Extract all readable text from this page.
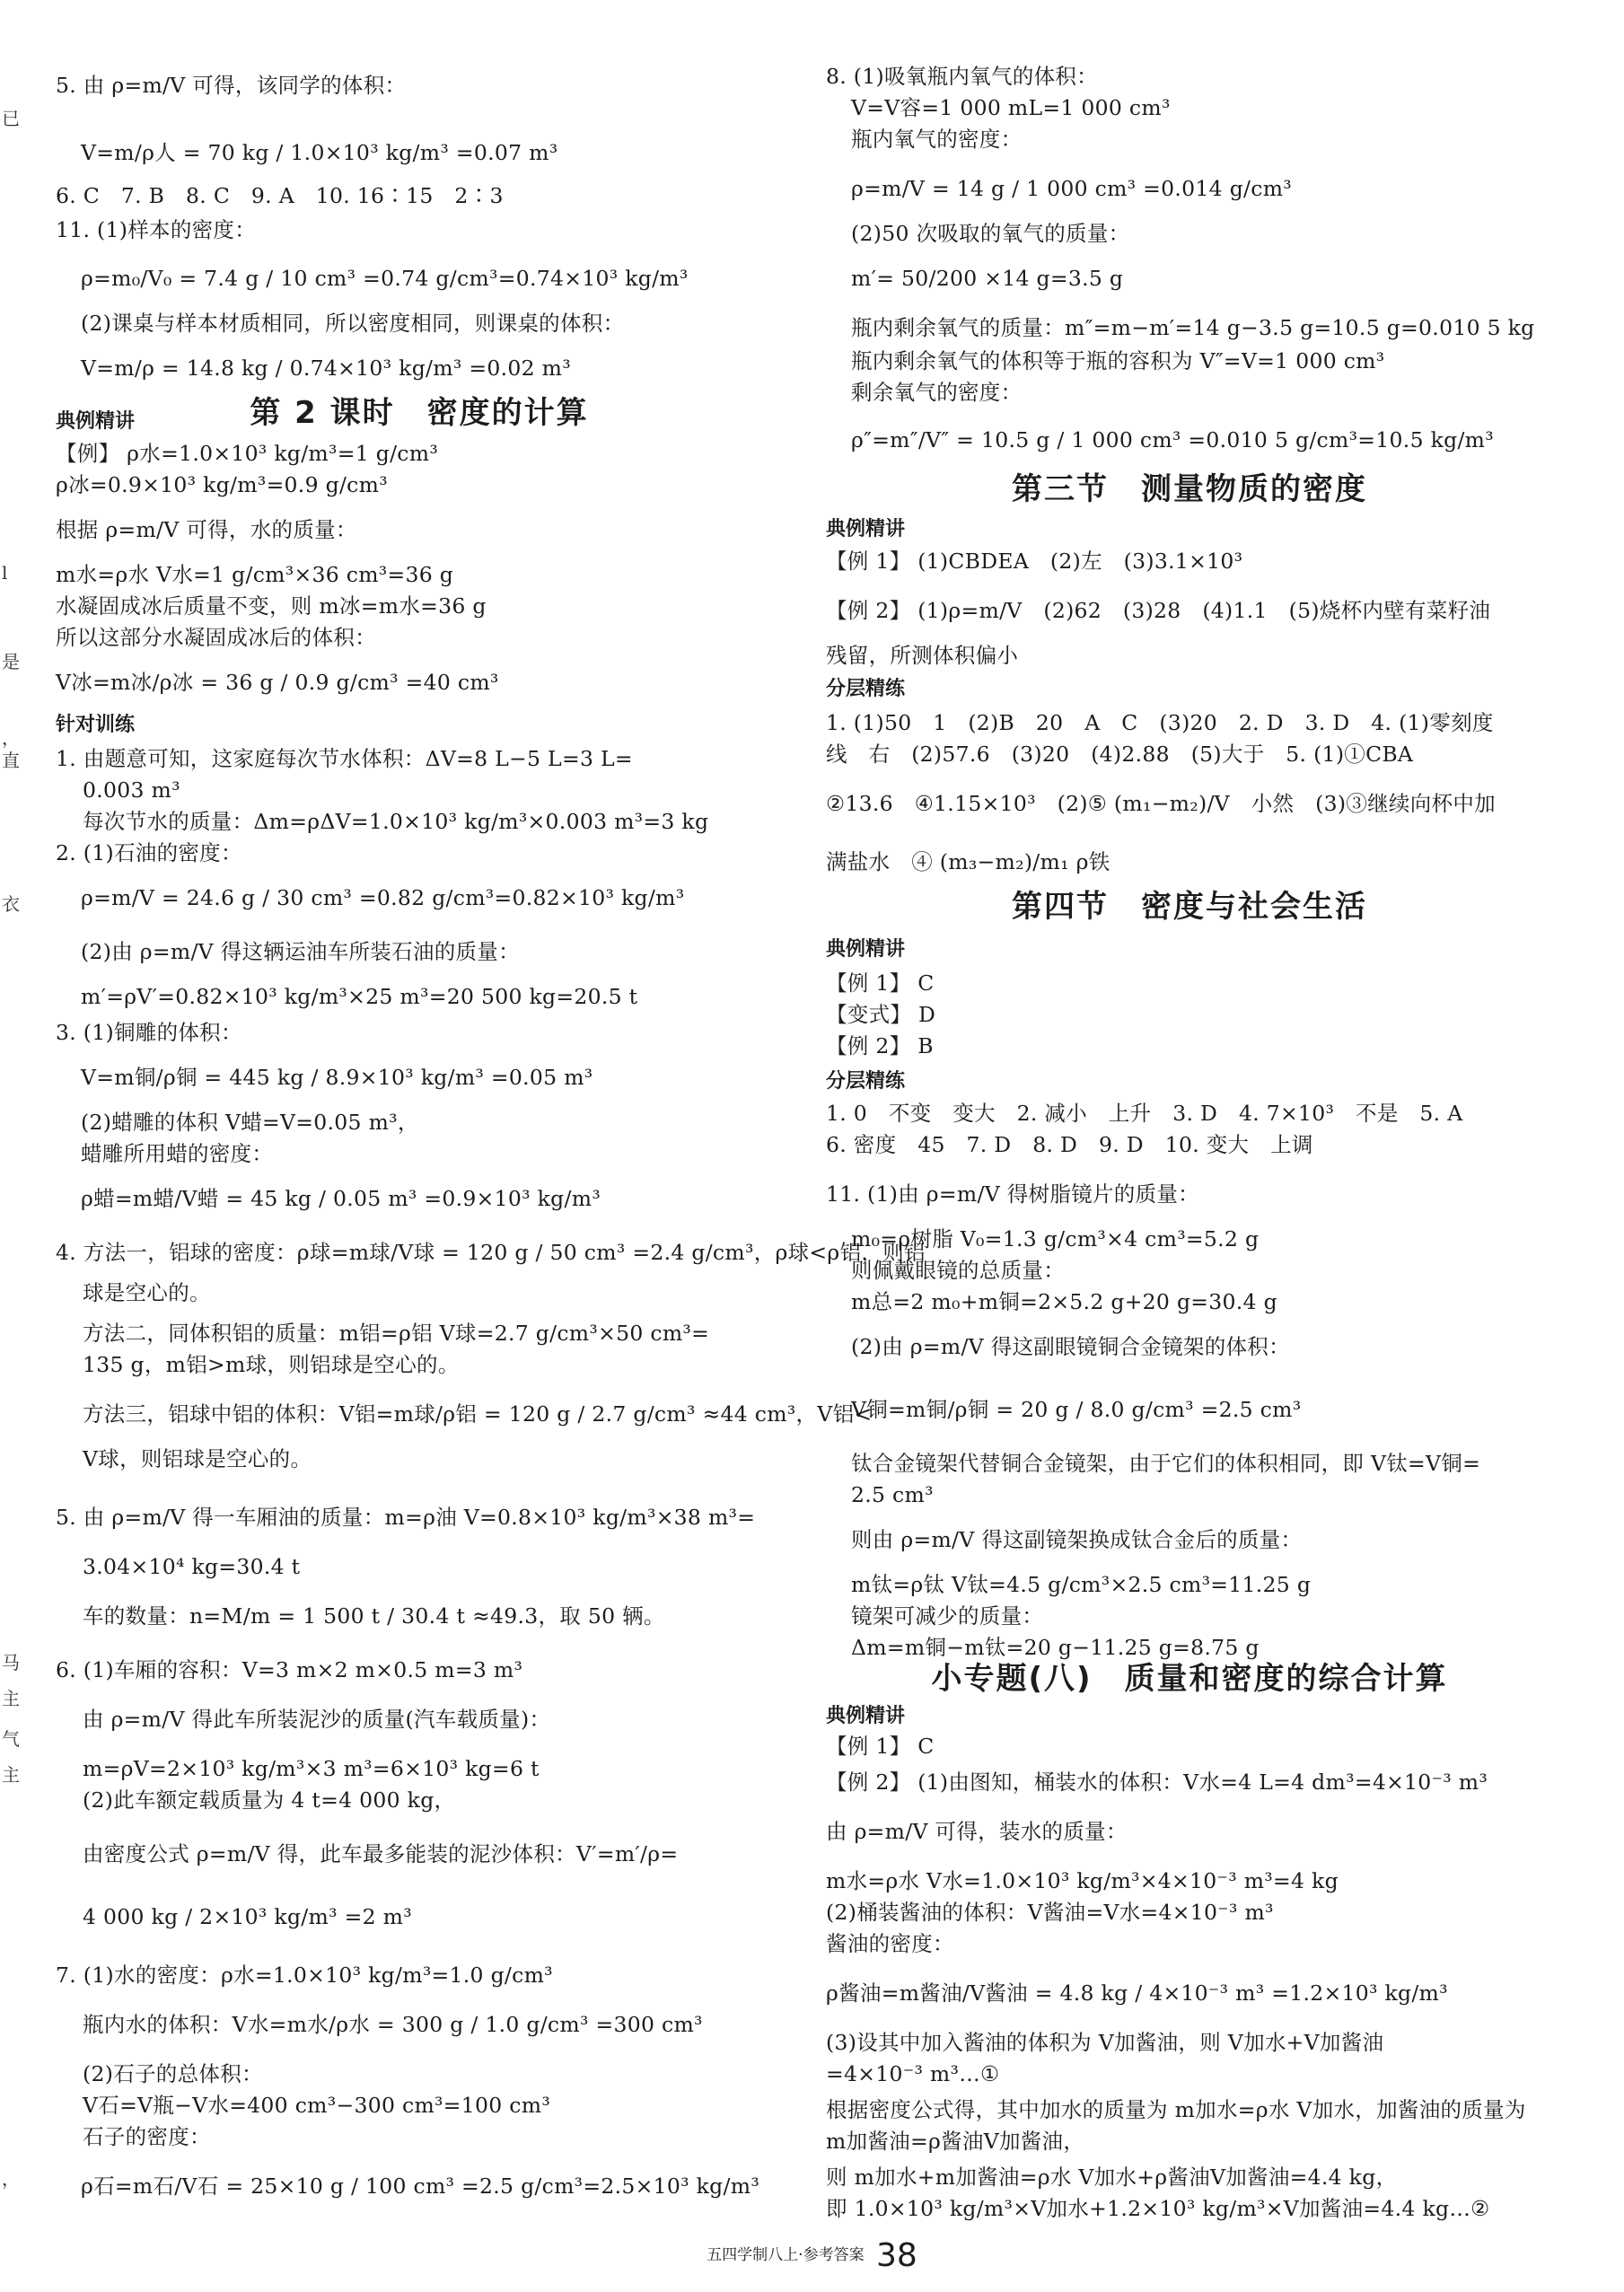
第 2 课时　密度的计算
典例精讲
针对训练
5. 由 ρ=m/V 可得，该同学的体积：
V=m/ρ人 = 70 kg / 1.0×10³ kg/m³ =0.07 m³
6. C　7. B　8. C　9. A　10. 16∶15　2∶3
11. (1)样本的密度：
ρ=m₀/V₀ = 7.4 g / 10 cm³ =0.74 g/cm³=0.74×10³ kg/m³
(2)课桌与样本材质相同，所以密度相同，则课桌的体积：
V=m/ρ = 14.8 kg / 0.74×10³ kg/m³ =0.02 m³
【例】 ρ水=1.0×10³ kg/m³=1 g/cm³
ρ冰=0.9×10³ kg/m³=0.9 g/cm³
根据 ρ=m/V 可得，水的质量：
m水=ρ水 V水=1 g/cm³×36 cm³=36 g
水凝固成冰后质量不变，则 m冰=m水=36 g
所以这部分水凝固成冰后的体积：
V冰=m冰/ρ冰 = 36 g / 0.9 g/cm³ =40 cm³
1. 由题意可知，这家庭每次节水体积：ΔV=8 L−5 L=3 L=
0.003 m³
每次节水的质量：Δm=ρΔV=1.0×10³ kg/m³×0.003 m³=3 kg
2. (1)石油的密度：
ρ=m/V = 24.6 g / 30 cm³ =0.82 g/cm³=0.82×10³ kg/m³
(2)由 ρ=m/V 得这辆运油车所装石油的质量：
m′=ρV′=0.82×10³ kg/m³×25 m³=20 500 kg=20.5 t
3. (1)铜雕的体积：
V=m铜/ρ铜 = 445 kg / 8.9×10³ kg/m³ =0.05 m³
(2)蜡雕的体积 V蜡=V=0.05 m³，
蜡雕所用蜡的密度：
ρ蜡=m蜡/V蜡 = 45 kg / 0.05 m³ =0.9×10³ kg/m³
4. 方法一，铝球的密度：ρ球=m球/V球 = 120 g / 50 cm³ =2.4 g/cm³，ρ球<ρ铝，则铝
球是空心的。
方法二，同体积铝的质量：m铝=ρ铝 V球=2.7 g/cm³×50 cm³=
135 g，m铝>m球，则铝球是空心的。
方法三，铝球中铝的体积：V铝=m球/ρ铝 = 120 g / 2.7 g/cm³ ≈44 cm³，V铝<
V球，则铝球是空心的。
5. 由 ρ=m/V 得一车厢油的质量：m=ρ油 V=0.8×10³ kg/m³×38 m³=
3.04×10⁴ kg=30.4 t
车的数量：n=M/m = 1 500 t / 30.4 t ≈49.3，取 50 辆。
6. (1)车厢的容积：V=3 m×2 m×0.5 m=3 m³
由 ρ=m/V 得此车所装泥沙的质量(汽车载质量)：
m=ρV=2×10³ kg/m³×3 m³=6×10³ kg=6 t
(2)此车额定载质量为 4 t=4 000 kg，
由密度公式 ρ=m/V 得，此车最多能装的泥沙体积：V′=m′/ρ=
4 000 kg / 2×10³ kg/m³ =2 m³
7. (1)水的密度：ρ水=1.0×10³ kg/m³=1.0 g/cm³
瓶内水的体积：V水=m水/ρ水 = 300 g / 1.0 g/cm³ =300 cm³
(2)石子的总体积：
V石=V瓶−V水=400 cm³−300 cm³=100 cm³
石子的密度：
ρ石=m石/V石 = 25×10 g / 100 cm³ =2.5 g/cm³=2.5×10³ kg/m³
第三节　测量物质的密度
典例精讲
分层精练
第四节　密度与社会生活
典例精讲
分层精练
小专题(八)　质量和密度的综合计算
典例精讲
8. (1)吸氧瓶内氧气的体积：
V=V容=1 000 mL=1 000 cm³
瓶内氧气的密度：
ρ=m/V = 14 g / 1 000 cm³ =0.014 g/cm³
(2)50 次吸取的氧气的质量：
m′= 50/200 ×14 g=3.5 g
瓶内剩余氧气的质量：m″=m−m′=14 g−3.5 g=10.5 g=0.010 5 kg
瓶内剩余氧气的体积等于瓶的容积为 V″=V=1 000 cm³
剩余氧气的密度：
ρ″=m″/V″ = 10.5 g / 1 000 cm³ =0.010 5 g/cm³=10.5 kg/m³
【例 1】 (1)CBDEA　(2)左　(3)3.1×10³
【例 2】 (1)ρ=m/V　(2)62　(3)28　(4)1.1　(5)烧杯内壁有菜籽油
残留，所测体积偏小
1. (1)50　1　(2)B　20　A　C　(3)20　2. D　3. D　4. (1)零刻度
线　右　(2)57.6　(3)20　(4)2.88　(5)大于　5. (1)①CBA
②13.6　④1.15×10³　(2)⑤ (m₁−m₂)/V　小然　(3)③继续向杯中加
满盐水　④ (m₃−m₂)/m₁ ρ铁
【例 1】 C
【变式】 D
【例 2】 B
1. 0　不变　变大　2. 减小　上升　3. D　4. 7×10³　不是　5. A
6. 密度　45　7. D　8. D　9. D　10. 变大　上调
11. (1)由 ρ=m/V 得树脂镜片的质量：
m₀=ρ树脂 V₀=1.3 g/cm³×4 cm³=5.2 g
则佩戴眼镜的总质量：
m总=2 m₀+m铜=2×5.2 g+20 g=30.4 g
(2)由 ρ=m/V 得这副眼镜铜合金镜架的体积：
V铜=m铜/ρ铜 = 20 g / 8.0 g/cm³ =2.5 cm³
钛合金镜架代替铜合金镜架，由于它们的体积相同，即 V钛=V铜=
2.5 cm³
则由 ρ=m/V 得这副镜架换成钛合金后的质量：
m钛=ρ钛 V钛=4.5 g/cm³×2.5 cm³=11.25 g
镜架可减少的质量：
Δm=m铜−m钛=20 g−11.25 g=8.75 g
【例 1】 C
【例 2】 (1)由图知，桶装水的体积：V水=4 L=4 dm³=4×10⁻³ m³
由 ρ=m/V 可得，装水的质量：
m水=ρ水 V水=1.0×10³ kg/m³×4×10⁻³ m³=4 kg
(2)桶装酱油的体积：V酱油=V水=4×10⁻³ m³
酱油的密度：
ρ酱油=m酱油/V酱油 = 4.8 kg / 4×10⁻³ m³ =1.2×10³ kg/m³
(3)设其中加入酱油的体积为 V加酱油，则 V加水+V加酱油
=4×10⁻³ m³…①
根据密度公式得，其中加水的质量为 m加水=ρ水 V加水，加酱油的质量为
m加酱油=ρ酱油V加酱油，
则 m加水+m加酱油=ρ水 V加水+ρ酱油V加酱油=4.4 kg，
即 1.0×10³ kg/m³×V加水+1.2×10³ kg/m³×V加酱油=4.4 kg…②
已
l
是
，
直
衣
马
主
气
主
，
五四学制八上·参考答案 38
